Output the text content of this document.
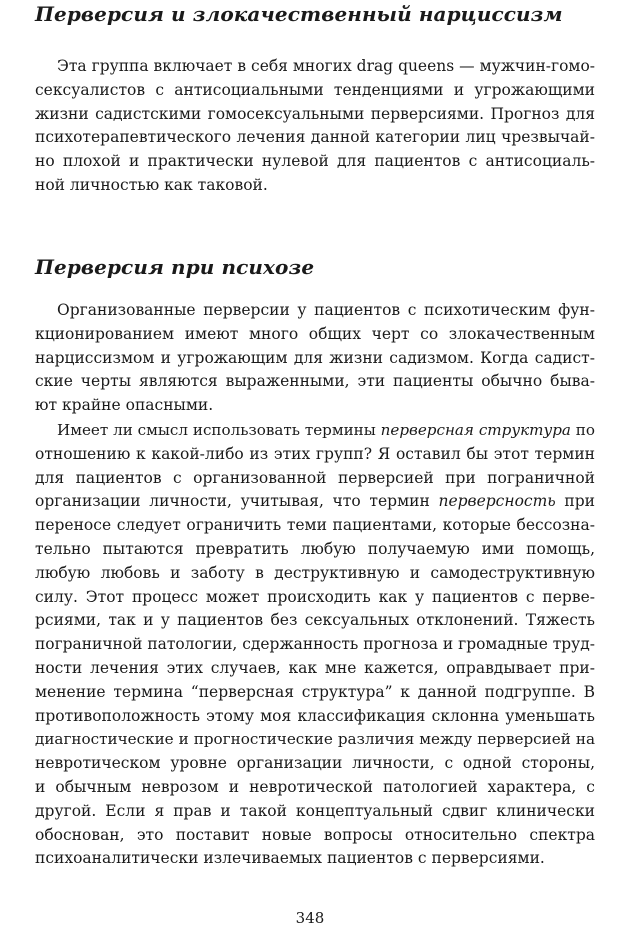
Перверсия и злокачественный нарциссизм
Эта группа включает в себя многих drag queens — мужчин-гомо-
сексуалистов с антисоциальными тенденциями и угрожающими
жизни садистскими гомосексуальными перверсиями. Прогноз для
психотерапевтического лечения данной категории лиц чрезвычай-
но плохой и практически нулевой для пациентов с антисоциаль-
ной личностью как таковой.
Перверсия при психозе
Организованные перверсии у пациентов с психотическим фун-
кционированием имеют много общих черт со злокачественным
нарциссизмом и угрожающим для жизни садизмом. Когда садист-
ские черты являются выраженными, эти пациенты обычно быва-
ют крайне опасными.
Имеет ли смысл использовать термины перверсная структура по
отношению к какой-либо из этих групп? Я оставил бы этот термин
для пациентов с организованной перверсией при пограничной
организации личности, учитывая, что термин перверсность при
переносе следует ограничить теми пациентами, которые бессозна-
тельно пытаются превратить любую получаемую ими помощь,
любую любовь и заботу в деструктивную и самодеструктивную
силу. Этот процесс может происходить как у пациентов с перве-
рсиями, так и у пациентов без сексуальных отклонений. Тяжесть
пограничной патологии, сдержанность прогноза и громадные труд-
ности лечения этих случаев, как мне кажется, оправдывает при-
менение термина “перверсная структура” к данной подгруппе. В
противоположность этому моя классификация склонна уменьшать
диагностические и прогностические различия между перверсией на
невротическом уровне организации личности, с одной стороны,
и обычным неврозом и невротической патологией характера, с
другой. Если я прав и такой концептуальный сдвиг клинически
обоснован, это поставит новые вопросы относительно спектра
психоаналитически излечиваемых пациентов с перверсиями.
348
